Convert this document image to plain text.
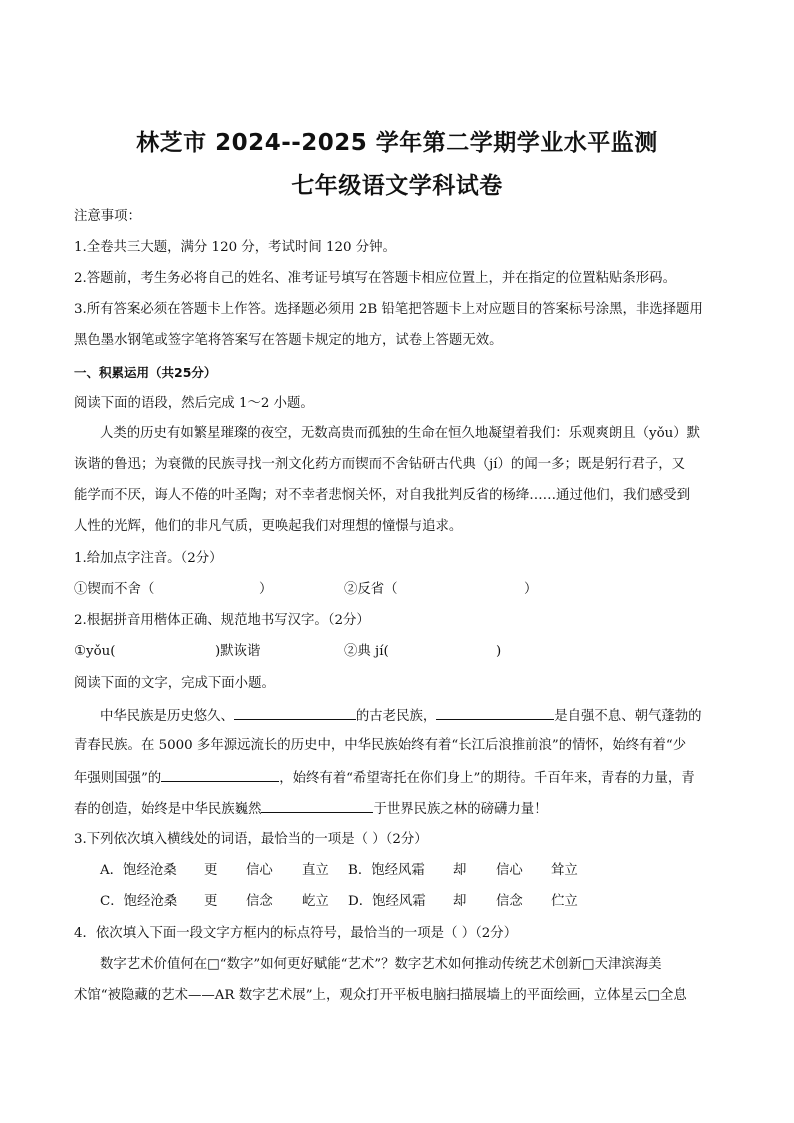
林芝市 2024--2025 学年第二学期学业水平监测
七年级语文学科试卷
注意事项：
1.全卷共三大题，满分 120 分，考试时间 120 分钟。
2.答题前，考生务必将自己的姓名、准考证号填写在答题卡相应位置上，并在指定的位置粘贴条形码。
3.所有答案必须在答题卡上作答。选择题必须用 2B 铅笔把答题卡上对应题目的答案标号涂黑，非选择题用
黑色墨水钢笔或签字笔将答案写在答题卡规定的地方，试卷上答题无效。
一、积累运用（共25分）
阅读下面的语段，然后完成 1～2 小题。
人类的历史有如繁星璀璨的夜空，无数高贵而孤独的生命在恒久地凝望着我们：乐观爽朗且（yǒu）默
诙谐的鲁迅；为衰微的民族寻找一剂文化药方而锲而不舍钻研古代典（jí）的闻一多；既是躬行君子，又
能学而不厌，诲人不倦的叶圣陶；对不幸者悲悯关怀，对自我批判反省的杨绛……通过他们，我们感受到
人性的光辉，他们的非凡气质，更唤起我们对理想的憧憬与追求。
1.给加点字注音。（2分）
①锲而不舍（	）	②反省（	）
2.根据拼音用楷体正确、规范地书写汉字。（2分）
①yǒu(	)默诙谐	②典 jí(	)
阅读下面的文字，完成下面小题。
中华民族是历史悠久、	的古老民族，	是自强不息、朝气蓬勃的
青春民族。在 5000 多年源远流长的历史中，中华民族始终有着“长江后浪推前浪”的情怀，始终有着“少
年强则国强”的	，始终有着“希望寄托在你们身上”的期待。千百年来，青春的力量，青
春的创造，始终是中华民族巍然	于世界民族之林的磅礴力量！
3.下列依次填入横线处的词语，最恰当的一项是（ ）（2分）
A．饱经沧桑 更 信心 直立 B．饱经风霜 却 信心 耸立
C．饱经沧桑 更 信念 屹立 D．饱经风霜 却 信念 伫立
4．依次填入下面一段文字方框内的标点符号，最恰当的一项是（ ）（2分）
数字艺术价值何在□“数字”如何更好赋能“艺术”？数字艺术如何推动传统艺术创新□天津滨海美
术馆“被隐藏的艺术——AR 数字艺术展”上，观众打开平板电脑扫描展墙上的平面绘画，立体星云□全息
